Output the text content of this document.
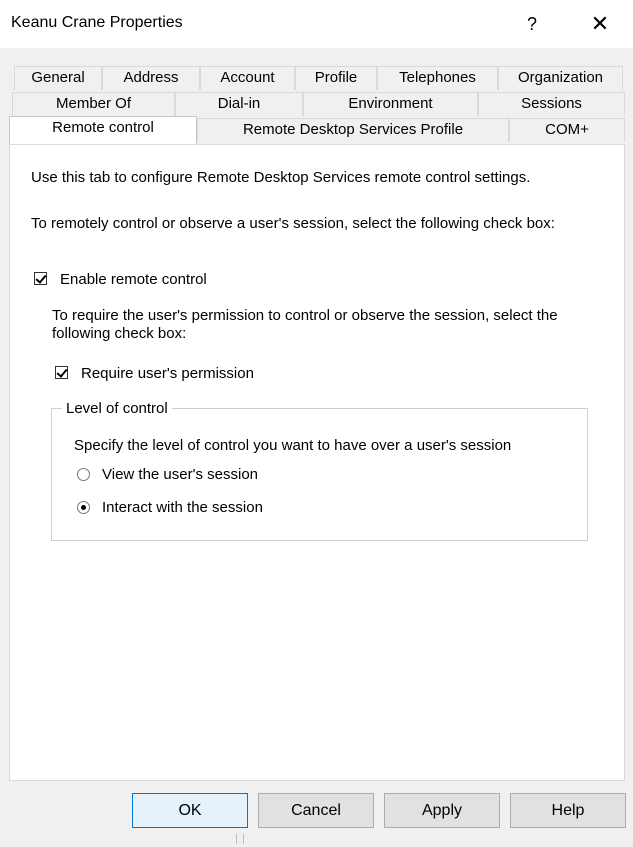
Keanu Crane Properties	?	✕
General	Address	Account	Profile	Telephones	Organization
Member Of	Dial-in	Environment	Sessions
Remote control	Remote Desktop Services Profile	COM+
Use this tab to configure Remote Desktop Services remote control settings.
To remotely control or observe a user's session, select the following check box:
Enable remote control
To require the user's permission to control or observe the session, select the following check box:
Require user's permission
Level of control
Specify the level of control you want to have over a user's session
View the user's session
Interact with the session
OK	Cancel	Apply	Help
